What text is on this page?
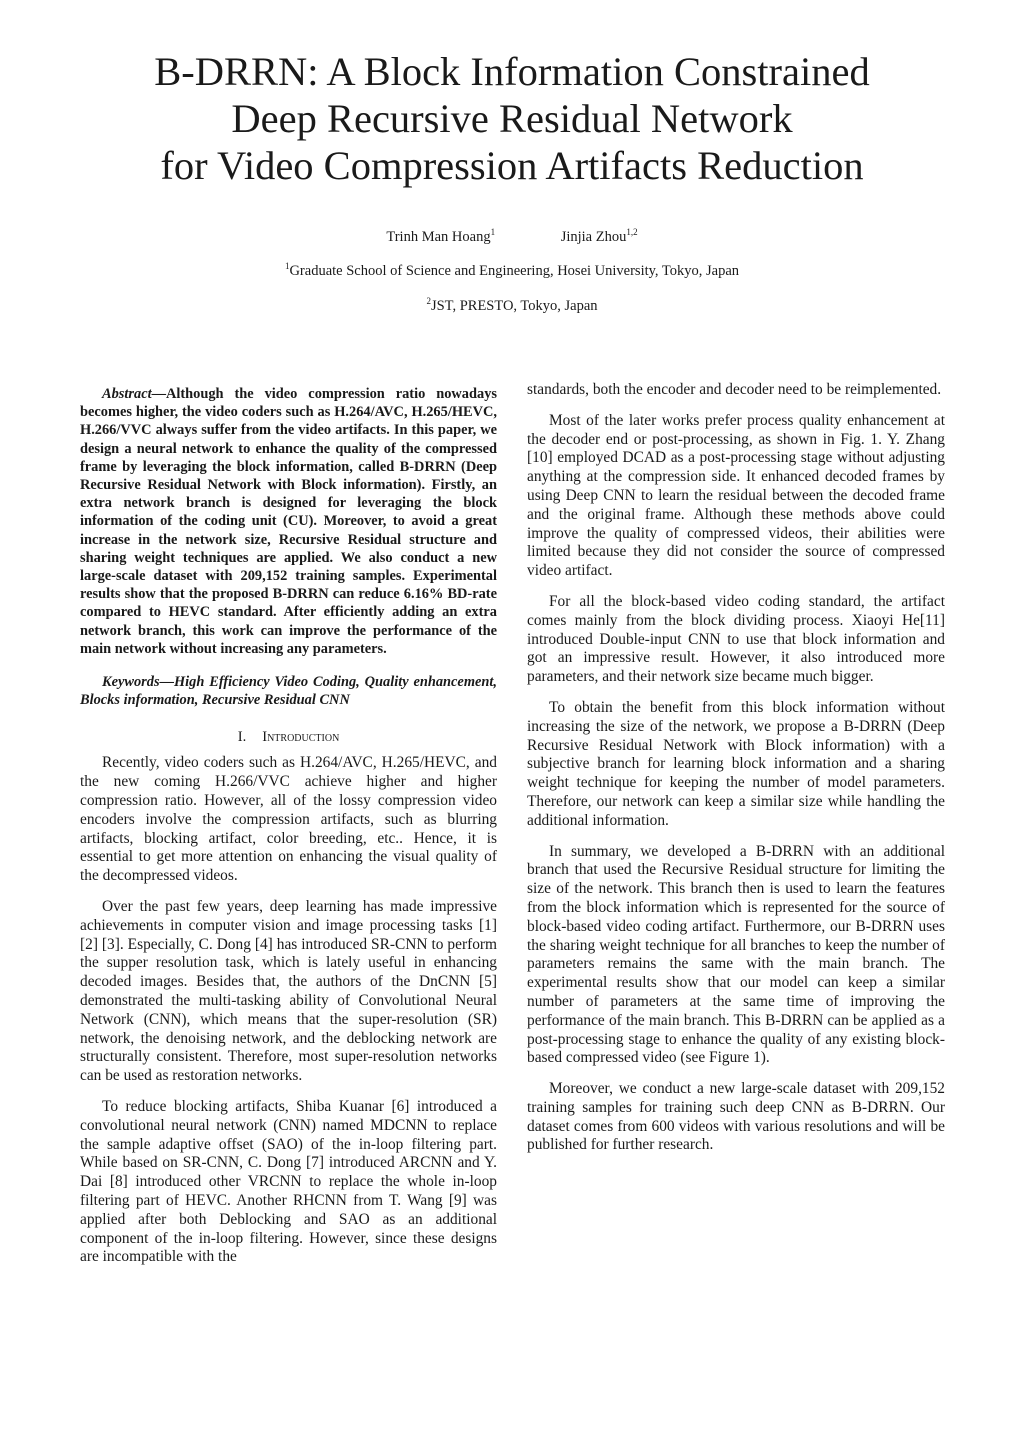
B-DRRN: A Block Information Constrained
Deep Recursive Residual Network
for Video Compression Artifacts Reduction
Trinh Man Hoang$^1$	Jinjia Zhou$^{1,2}$
$^1$Graduate School of Science and Engineering, Hosei University, Tokyo, Japan
$^2$JST, PRESTO, Tokyo, Japan

Abstract—Although the video compression ratio nowadays becomes higher, the video coders such as H.264/AVC, H.265/HEVC, H.266/VVC always suffer from the video artifacts. In this paper, we design a neural network to enhance the quality of the compressed frame by leveraging the block information, called B-DRRN (Deep Recursive Residual Network with Block information). Firstly, an extra network branch is designed for leveraging the block information of the coding unit (CU). Moreover, to avoid a great increase in the network size, Recursive Residual structure and sharing weight techniques are applied. We also conduct a new large-scale dataset with 209,152 training samples. Experimental results show that the proposed B-DRRN can reduce 6.16% BD-rate compared to HEVC standard. After efficiently adding an extra network branch, this work can improve the performance of the main network without increasing any parameters.

Keywords—High Efficiency Video Coding, Quality enhancement, Blocks information, Recursive Residual CNN

I. Introduction

Recently, video coders such as H.264/AVC, H.265/HEVC, and the new coming H.266/VVC achieve higher and higher compression ratio. However, all of the lossy compression video encoders involve the compression artifacts, such as blurring artifacts, blocking artifact, color breeding, etc.. Hence, it is essential to get more attention on enhancing the visual quality of the decompressed videos.

Over the past few years, deep learning has made impressive achievements in computer vision and image processing tasks [1] [2] [3]. Especially, C. Dong [4] has introduced SR-CNN to perform the supper resolution task, which is lately useful in enhancing decoded images. Besides that, the authors of the DnCNN [5] demonstrated the multi-tasking ability of Convolutional Neural Network (CNN), which means that the super-resolution (SR) network, the denoising network, and the deblocking network are structurally consistent. Therefore, most super-resolution networks can be used as restoration networks.

To reduce blocking artifacts, Shiba Kuanar [6] introduced a convolutional neural network (CNN) named MDCNN to replace the sample adaptive offset (SAO) of the in-loop filtering part. While based on SR-CNN, C. Dong [7] introduced ARCNN and Y. Dai [8] introduced other VRCNN to replace the whole in-loop filtering part of HEVC. Another RHCNN from T. Wang [9] was applied after both Deblocking and SAO as an additional component of the in-loop filtering. However, since these designs are incompatible with the

standards, both the encoder and decoder need to be reimplemented.

Most of the later works prefer process quality enhancement at the decoder end or post-processing, as shown in Fig. 1. Y. Zhang [10] employed DCAD as a post-processing stage without adjusting anything at the compression side. It enhanced decoded frames by using Deep CNN to learn the residual between the decoded frame and the original frame. Although these methods above could improve the quality of compressed videos, their abilities were limited because they did not consider the source of compressed video artifact.

For all the block-based video coding standard, the artifact comes mainly from the block dividing process. Xiaoyi He[11] introduced Double-input CNN to use that block information and got an impressive result. However, it also introduced more parameters, and their network size became much bigger.

To obtain the benefit from this block information without increasing the size of the network, we propose a B-DRRN (Deep Recursive Residual Network with Block information) with a subjective branch for learning block information and a sharing weight technique for keeping the number of model parameters. Therefore, our network can keep a similar size while handling the additional information.

In summary, we developed a B-DRRN with an additional branch that used the Recursive Residual structure for limiting the size of the network. This branch then is used to learn the features from the block information which is represented for the source of block-based video coding artifact. Furthermore, our B-DRRN uses the sharing weight technique for all branches to keep the number of parameters remains the same with the main branch. The experimental results show that our model can keep a similar number of parameters at the same time of improving the performance of the main branch. This B-DRRN can be applied as a post-processing stage to enhance the quality of any existing block-based compressed video (see Figure 1).

Moreover, we conduct a new large-scale dataset with 209,152 training samples for training such deep CNN as B-DRRN. Our dataset comes from 600 videos with various resolutions and will be published for further research.
